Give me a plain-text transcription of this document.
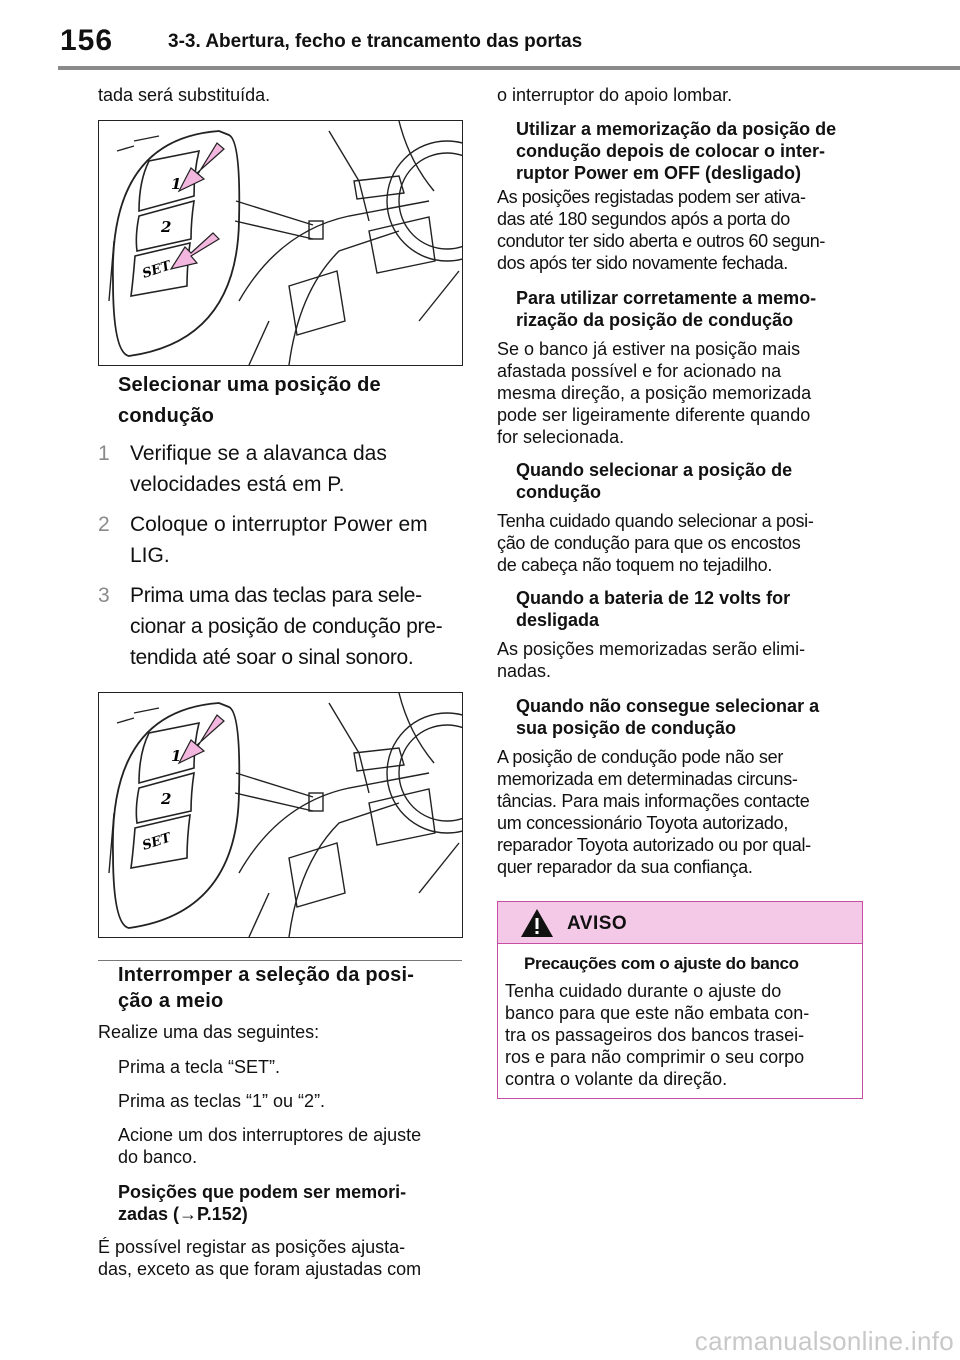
156	3-3. Abertura, fecho e trancamento das portas
tada será substituída.
1
2
SET
Selecionar uma posição de
condução
1 Verifique se a alavanca das
velocidades está em P.
2 Coloque o interruptor Power em
LIG.
3 Prima uma das teclas para sele-
cionar a posição de condução pre-
tendida até soar o sinal sonoro.
1
2
SET
Interromper a seleção da posi-
ção a meio
Realize uma das seguintes:
Prima a tecla “SET”.
Prima as teclas “1” ou “2”.
Acione um dos interruptores de ajuste
do banco.
Posições que podem ser memori-
zadas (→P.152)
É possível registar as posições ajusta-
das, exceto as que foram ajustadas com
o interruptor do apoio lombar.
Utilizar a memorização da posição de
condução depois de colocar o inter-
ruptor Power em OFF (desligado)
As posições registadas podem ser ativa-
das até 180 segundos após a porta do
condutor ter sido aberta e outros 60 segun-
dos após ter sido novamente fechada.
Para utilizar corretamente a memo-
rização da posição de condução
Se o banco já estiver na posição mais
afastada possível e for acionado na
mesma direção, a posição memorizada
pode ser ligeiramente diferente quando
for selecionada.
Quando selecionar a posição de
condução
Tenha cuidado quando selecionar a posi-
ção de condução para que os encostos
de cabeça não toquem no tejadilho.
Quando a bateria de 12 volts for
desligada
As posições memorizadas serão elimi-
nadas.
Quando não consegue selecionar a
sua posição de condução
A posição de condução pode não ser
memorizada em determinadas circuns-
tâncias. Para mais informações contacte
um concessionário Toyota autorizado,
reparador Toyota autorizado ou por qual-
quer reparador da sua confiança.
AVISO
Precauções com o ajuste do banco
Tenha cuidado durante o ajuste do
banco para que este não embata con-
tra os passageiros dos bancos trasei-
ros e para não comprimir o seu corpo
contra o volante da direção.
carmanualsonline.info
